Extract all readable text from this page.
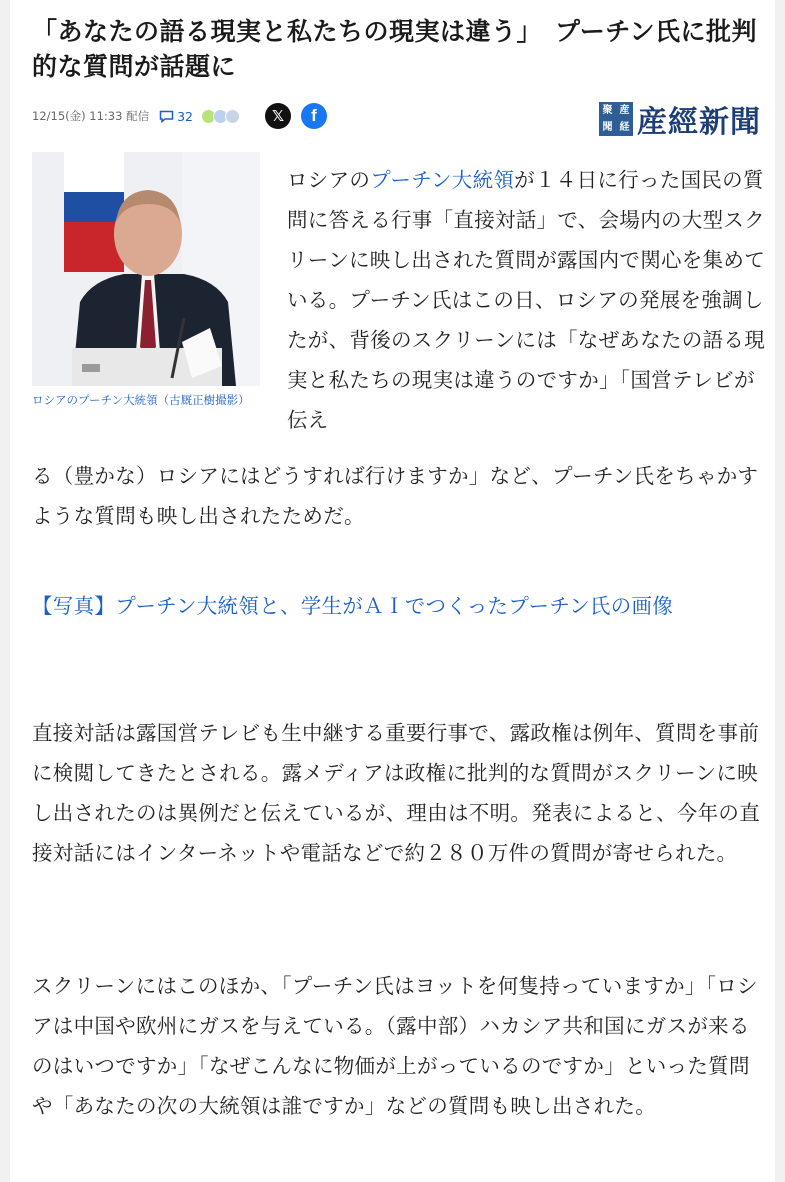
「あなたの語る現実と私たちの現実は違う」　プーチン氏に批判的な質問が話題に
12/15(金) 11:33 配信 32	𝕏	f	聚 産
聞 経 産經新聞
ロシアのプーチン大統領（古厩正樹撮影）

ロシアのプーチン大統領が１４日に行った国民の質問に答える行事「直接対話」で、会場内の大型スクリーンに映し出された質問が露国内で関心を集めている。プーチン氏はこの日、ロシアの発展を強調したが、背後のスクリーンには「なぜあなたの語る現実と私たちの現実は違うのですか」「国営テレビが伝え

る（豊かな）ロシアにはどうすれば行けますか」など、プーチン氏をちゃかすような質問も映し出されたためだ。

【写真】プーチン大統領と、学生がＡＩでつくったプーチン氏の画像

直接対話は露国営テレビも生中継する重要行事で、露政権は例年、質問を事前に検閲してきたとされる。露メディアは政権に批判的な質問がスクリーンに映し出されたのは異例だと伝えているが、理由は不明。発表によると、今年の直接対話にはインターネットや電話などで約２８０万件の質問が寄せられた。

スクリーンにはこのほか、「プーチン氏はヨットを何隻持っていますか」「ロシアは中国や欧州にガスを与えている。（露中部）ハカシア共和国にガスが来るのはいつですか」「なぜこんなに物価が上がっているのですか」といった質問や「あなたの次の大統領は誰ですか」などの質問も映し出された。
